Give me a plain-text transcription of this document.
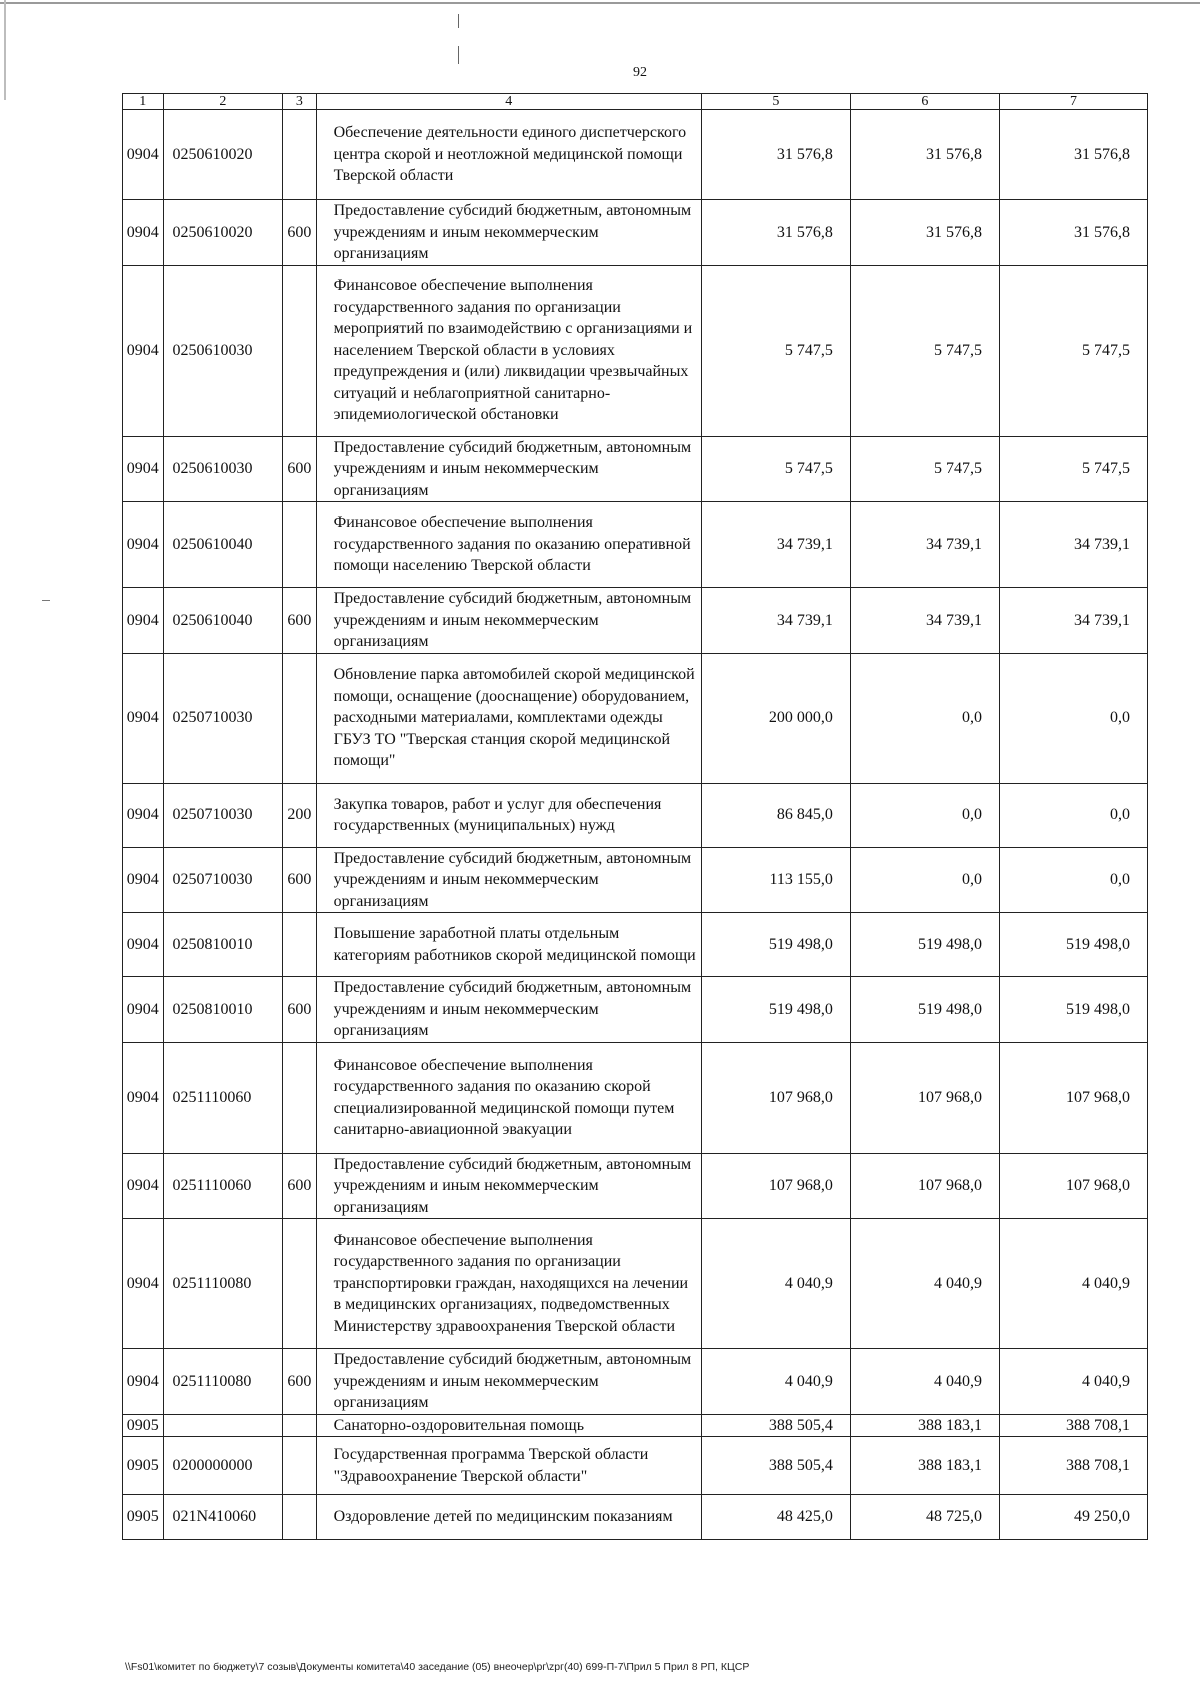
92
1	2	3	4	5	6	7
0904	0250610020		Обеспечение деятельности единого диспетчерского центра скорой и неотложной медицинской помощи Тверской области	31 576,8	31 576,8	31 576,8
0904	0250610020	600	Предоставление субсидий бюджетным, автономным учреждениям и иным некоммерческим организациям	31 576,8	31 576,8	31 576,8
0904	0250610030		Финансовое обеспечение выполнения государственного задания по организации мероприятий по взаимодействию с организациями и населением Тверской области в условиях предупреждения и (или) ликвидации чрезвычайных ситуаций и неблагоприятной санитарно-эпидемиологической обстановки	5 747,5	5 747,5	5 747,5
0904	0250610030	600	Предоставление субсидий бюджетным, автономным учреждениям и иным некоммерческим организациям	5 747,5	5 747,5	5 747,5
0904	0250610040		Финансовое обеспечение выполнения государственного задания по оказанию оперативной помощи населению Тверской области	34 739,1	34 739,1	34 739,1
0904	0250610040	600	Предоставление субсидий бюджетным, автономным учреждениям и иным некоммерческим организациям	34 739,1	34 739,1	34 739,1
0904	0250710030		Обновление парка автомобилей скорой медицинской помощи, оснащение (дооснащение) оборудованием, расходными материалами, комплектами одежды ГБУЗ ТО "Тверская станция скорой медицинской помощи"	200 000,0	0,0	0,0
0904	0250710030	200	Закупка товаров, работ и услуг для обеспечения государственных (муниципальных) нужд	86 845,0	0,0	0,0
0904	0250710030	600	Предоставление субсидий бюджетным, автономным учреждениям и иным некоммерческим организациям	113 155,0	0,0	0,0
0904	0250810010		Повышение заработной платы отдельным категориям работников скорой медицинской помощи	519 498,0	519 498,0	519 498,0
0904	0250810010	600	Предоставление субсидий бюджетным, автономным учреждениям и иным некоммерческим организациям	519 498,0	519 498,0	519 498,0
0904	0251110060		Финансовое обеспечение выполнения государственного задания по оказанию скорой специализированной медицинской помощи путем санитарно-авиационной эвакуации	107 968,0	107 968,0	107 968,0
0904	0251110060	600	Предоставление субсидий бюджетным, автономным учреждениям и иным некоммерческим организациям	107 968,0	107 968,0	107 968,0
0904	0251110080		Финансовое обеспечение выполнения государственного задания по организации транспортировки граждан, находящихся на лечении в медицинских организациях, подведомственных Министерству здравоохранения Тверской области	4 040,9	4 040,9	4 040,9
0904	0251110080	600	Предоставление субсидий бюджетным, автономным учреждениям и иным некоммерческим организациям	4 040,9	4 040,9	4 040,9
0905			Санаторно-оздоровительная помощь	388 505,4	388 183,1	388 708,1
0905	0200000000		Государственная программа Тверской области "Здравоохранение Тверской области"	388 505,4	388 183,1	388 708,1
0905	021N410060		Оздоровление детей по медицинским показаниям	48 425,0	48 725,0	49 250,0
\\Fs01\комитет по бюджету\7 созыв\Документы комитета\40 заседание (05) внеочер\рг\zрг(40) 699-П-7\Прил 5 Прил 8 РП, КЦСР
